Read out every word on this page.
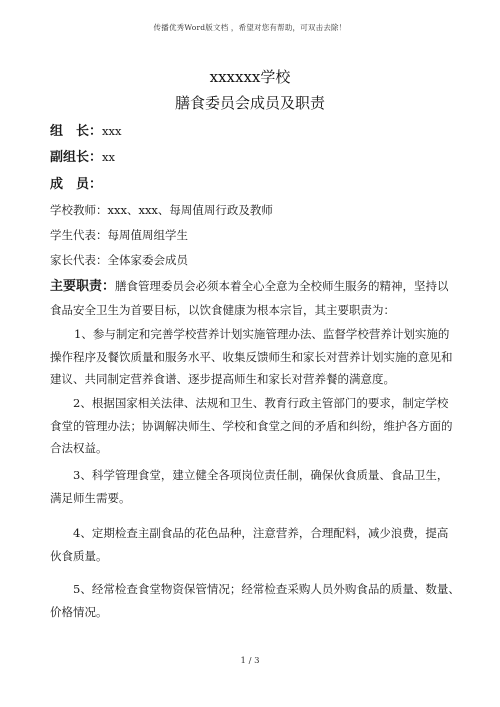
传播优秀Word版文档 ，希望对您有帮助，可双击去除！
xxxxxx学校
膳食委员会成员及职责
组　长：xxx
副组长：xx
成　员：
学校教师：xxx、xxx、每周值周行政及教师
学生代表：每周值周组学生
家长代表：全体家委会成员
主要职责：膳食管理委员会必须本着全心全意为全校师生服务的精神，坚持以
食品安全卫生为首要目标，以饮食健康为根本宗旨，其主要职责为：
1、参与制定和完善学校营养计划实施管理办法、监督学校营养计划实施的
操作程序及餐饮质量和服务水平、收集反馈师生和家长对营养计划实施的意见和
建议、共同制定营养食谱、逐步提高师生和家长对营养餐的满意度。
2、根据国家相关法律、法规和卫生、教育行政主管部门的要求，制定学校
食堂的管理办法；协调解决师生、学校和食堂之间的矛盾和纠纷，维护各方面的
合法权益。
3、科学管理食堂，建立健全各项岗位责任制，确保伙食质量、食品卫生，
满足师生需要。
4、定期检查主副食品的花色品种，注意营养，合理配料，减少浪费，提高
伙食质量。
5、经常检查食堂物资保管情况；经常检查采购人员外购食品的质量、数量、
价格情况。
1 / 3
